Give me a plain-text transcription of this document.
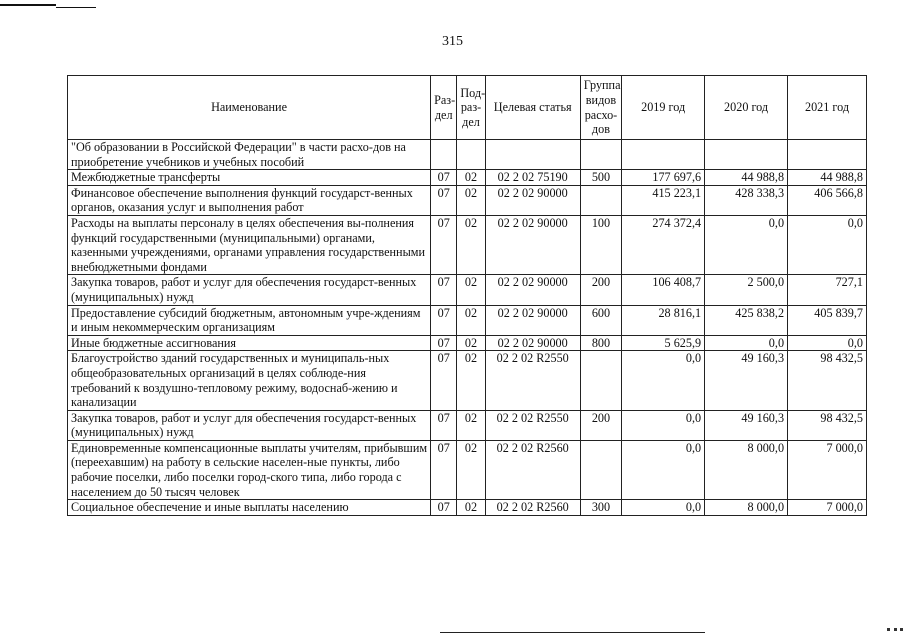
315
Наименование	Раз-дел	Под-раз-дел	Целевая статья	Группа видов расхо-дов	2019 год	2020 год	2021 год
"Об образовании в Российской Федерации" в части расхо-дов на приобретение учебников и учебных пособий							
Межбюджетные трансферты	07	02	02 2 02 75190	500	177 697,6	44 988,8	44 988,8
Финансовое обеспечение выполнения функций государст-венных органов, оказания услуг и выполнения работ	07	02	02 2 02 90000		415 223,1	428 338,3	406 566,8
Расходы на выплаты персоналу в целях обеспечения вы-полнения функций государственными (муниципальными) органами, казенными учреждениями, органами управления государственными внебюджетными фондами	07	02	02 2 02 90000	100	274 372,4	0,0	0,0
Закупка товаров, работ и услуг для обеспечения государст-венных (муниципальных) нужд	07	02	02 2 02 90000	200	106 408,7	2 500,0	727,1
Предоставление субсидий бюджетным, автономным учре-ждениям и иным некоммерческим организациям	07	02	02 2 02 90000	600	28 816,1	425 838,2	405 839,7
Иные бюджетные ассигнования	07	02	02 2 02 90000	800	5 625,9	0,0	0,0
Благоустройство зданий государственных и муниципаль-ных общеобразовательных организаций в целях соблюде-ния требований к воздушно-тепловому режиму, водоснаб-жению и канализации	07	02	02 2 02 R2550		0,0	49 160,3	98 432,5
Закупка товаров, работ и услуг для обеспечения государст-венных (муниципальных) нужд	07	02	02 2 02 R2550	200	0,0	49 160,3	98 432,5
Единовременные компенсационные выплаты учителям, прибывшим (переехавшим) на работу в сельские населен-ные пункты, либо рабочие поселки, либо поселки город-ского типа, либо города с населением до 50 тысяч человек	07	02	02 2 02 R2560		0,0	8 000,0	7 000,0
Социальное обеспечение и иные выплаты населению	07	02	02 2 02 R2560	300	0,0	8 000,0	7 000,0
